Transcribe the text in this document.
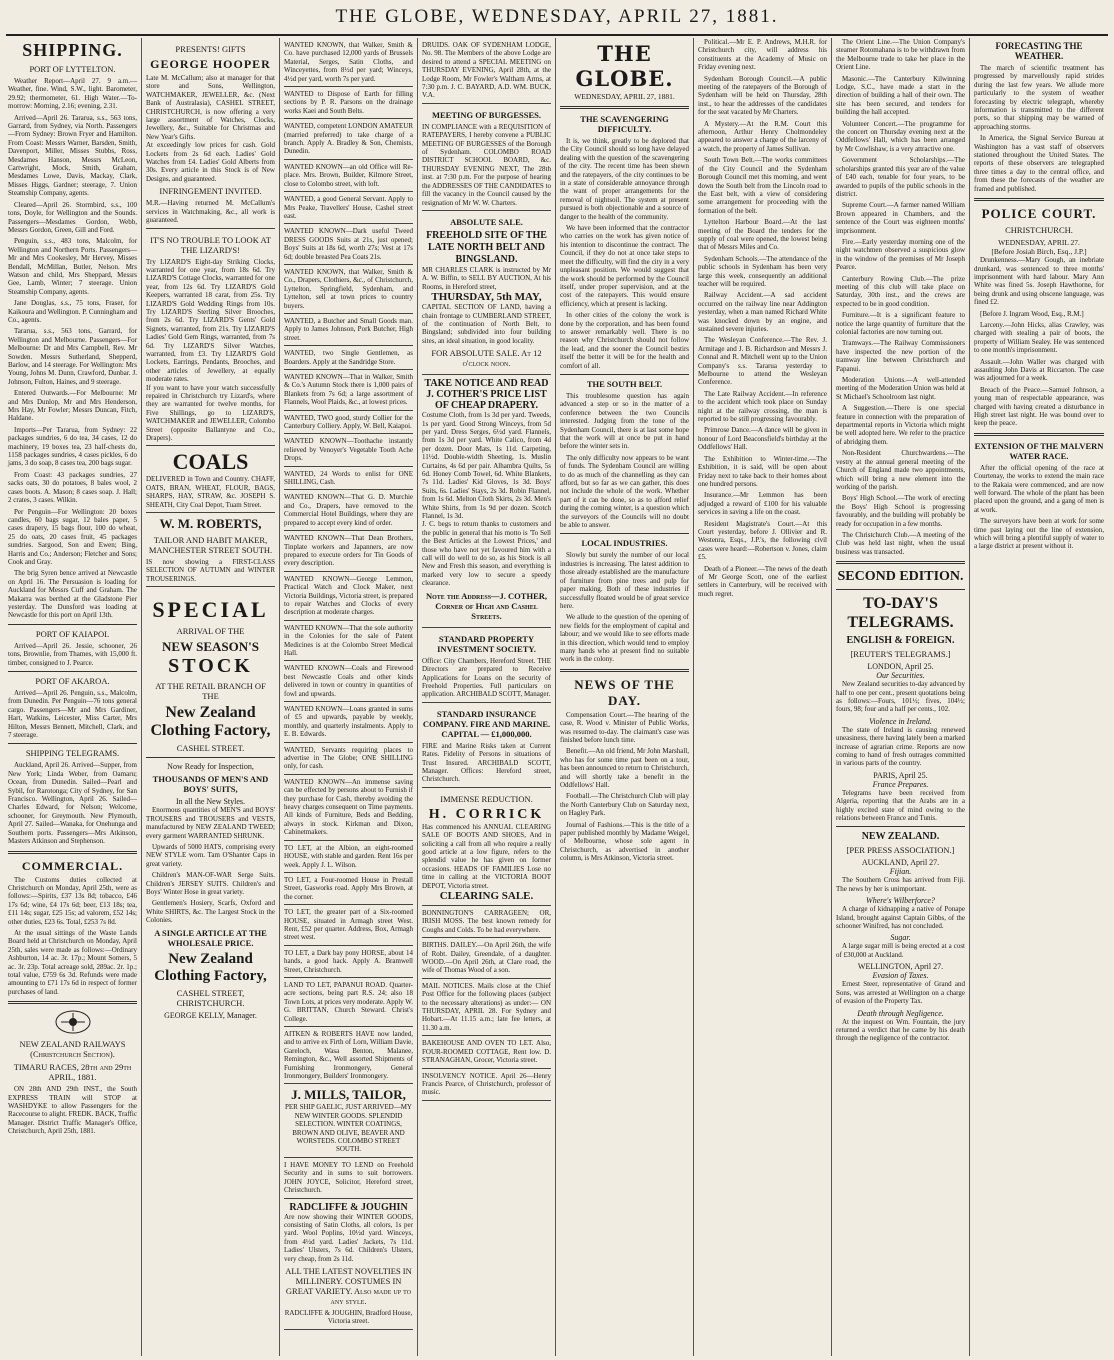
THE GLOBE, WEDNESDAY, APRIL 27, 1881.
SHIPPING.
PORT OF LYTTELTON.

Weather Report—April 27. 9 a.m.—Weather, fine. Wind, S.W., light. Barometer, 29.92; thermometer, 61. High Water.—To-morrow: Morning, 2.16; evening, 2.31.

Arrived—April 26. Tararua, s.s., 563 tons, Garrard, from Sydney, via North. Passengers—From Sydney: Brown Fryer and Hamilton. From Coast: Messrs Warner, Barsden, Smith, Davenport, Miller, Misses Stubbs, Ross, Mesdames Hanson, Messrs McLeon, Cartwright, Mock, Smith, Graham, Mesdames Lowe, Davis, Mackay, Clark, Misses Higgs, Gardner; steerage, 7. Union Steamship Company, agents.

Cleared—April 26. Stormbird, s.s., 100 tons, Doyle, for Wellington and the Sounds. Passengers—Mesdames Gordon, Webb, Messrs Gordon, Green, Gill and Ford.

Penguin, s.s., 483 tons, Malcolm, for Wellington and Northern Ports. Passengers—Mr and Mrs Cookesley, Mr Hervey, Misses Bendall, McMillan, Butler, Nelson. Mrs Watson and child, Mrs Sheppard, Messrs Gee, Lamb, Winter; 7 steerage. Union Steamship Company, agents.

Jane Douglas, s.s., 75 tons, Fraser, for Kaikoura and Wellington. P. Cunningham and Co., agents.

Tararua, s.s., 563 tons, Garrard, for Wellington and Melbourne. Passengers—For Melbourne: Dr and Mrs Campbell, Rev. Mr Sowden. Messrs Sutherland, Shepperd, Barlow, and 14 steerage. For Wellington: Mrs Young, Johns M. Dunn, Crawford, Dunbar. J. Johnson, Fulton, Haines, and 9 steerage.

Entered Outwards.—For Melbourne: Mr and Mrs Dunlop, Mr and Mrs Henderson, Mrs Hay, Mr Fowler; Messrs Duncan, Fitch, Haldane.

Imports—Per Tararua, from Sydney: 22 packages sundries, 6 do tea, 34 cases, 12 do machinery, 19 boxes tea, 23 half-chests do, 1158 packages sundries, 4 cases pickles, 6 do jams, 3 do soap, 8 cases tea, 200 bags sugar.

From Coast: 43 packages sundries, 27 sacks oats, 30 do potatoes, 8 bales wool, 2 cases boots. A. Mason; 8 cases soap. J. Hall; 2 crates, 3 cases. Wilkin.

Per Penguin—For Wellington: 20 boxes candles, 60 bags sugar, 12 bales paper, 5 cases drapery, 15 bags flour, 100 do wheat, 25 do oats, 20 cases fruit, 45 packages sundries. Sargood, Son and Ewen; Bing, Harris and Co.; Anderson; Fletcher and Sons; Cook and Gray.

The brig Syren bence arrived at Newcastle on April 16. The Persuasion is loading for Auckland for Messrs Cuff and Graham. The Makarra was berthed at the Gladstone Pier yesterday. The Dunsford was loading at Newcastle for this port on April 13th.

PORT OF KAIAPOI.

Arrived—April 26. Jessie, schooner, 26 tons, Brownlie, from Thames, with 15,000 ft. timber, consigned to J. Pearce.

PORT OF AKAROA.

Arrived—April 26. Penguin, s.s., Malcolm, from Dunedin. Per Penguin—76 tons general cargo. Passengers—Mr and Mrs Gardiner, Hart, Watkins, Leicester, Miss Carter, Mrs Hilton, Messrs Bennett, Mitchell, Clark, and 7 steerage.

SHIPPING TELEGRAMS.

Auckland, April 26. Arrived—Supper, from New York; Linda Weber, from Oamaru; Ocean, from Dunedin. Sailed—Pearl and Sybil, for Rarotonga; City of Sydney, for San Francisco. Wellington, April 26. Sailed—Charles Edward, for Nelson; Welcome, schooner, for Greymouth. New Plymouth, April 27. Sailed—Wanaka, for Onehunga and Southern ports. Passengers—Mrs Atkinson, Masters Atkinson and Stephenson.

COMMERCIAL.

The Customs duties collected at Christchurch on Monday, April 25th, were as follows:—Spirits, £37 13s 8d; tobacco, £46 17s 6d; wine, £4 17s 6d; beer, £13 18s; tea, £11 14s; sugar, £25 15s; ad valorem, £52 14s; other duties, £23 6s. Total, £253 7s 8d.

At the usual sittings of the Waste Lands Board held at Christchurch on Monday, April 25th, sales were made as follows:—Ordinary Ashburton, 14 ac. 3r. 17p.; Mount Somers, 5 ac. 3r. 23p. Total acreage sold, 289ac. 2r. 1p.; total value, £759 6s 3d. Refunds were made amounting to £71 17s 6d in respect of former purchases of land.

NEW ZEALAND RAILWAYS (Christchurch Section).
TIMARU RACES, 28th and 29th APRIL, 1881.

ON 28th AND 29th INST., the South EXPRESS TRAIN will STOP at WASHDYKE to allow Passengers for the Racecourse to alight. FREDK. BACK, Traffic Manager. District Traffic Manager's Office, Christchurch, April 25th, 1881.

PRESENTS! GIFTS
GEORGE HOOPER
Late M. McCallum; also at manager for that store and Sons, Wellington, WATCHMAKER, JEWELLER, &c. (Next Bank of Australasia), CASHEL STREET, CHRISTCHURCH, is now offering a very large assortment of Watches, Clocks, Jewellery, &c., Suitable for Christmas and New Year's Gifts.
At exceedingly low prices for cash. Gold Lockets from 2s 6d each. Ladies' Gold Watches from £4. Ladies' Gold Alberts from 30s. Every article in this Stock is of New Designs, and guaranteed.
INFRINGEMENT INVITED.
M.R.—Having returned M. McCallum's services in Watchmaking, &c., all work is guaranteed.
IT'S NO TROUBLE TO LOOK AT THE LIZARD'S!
Try LIZARD'S Eight-day Striking Clocks, warranted for one year, from 18s 6d. Try LIZARD'S Cottage Clocks, warranted for one year, from 12s 6d. Try LIZARD'S Gold Keepers, warranted 18 carat, from 25s. Try LIZARD'S Gold Wedding Rings from 10s. Try LIZARD'S Sterling Silver Brooches, from 2s 6d. Try LIZARD'S Gents' Gold Signets, warranted, from 21s. Try LIZARD'S Ladies' Gold Gem Rings, warranted, from 7s 6d. Try LIZARD'S Silver Watches, warranted, from £3. Try LIZARD'S Gold Lockets, Earrings, Pendants, Brooches, and other articles of Jewellery, at equally moderate rates.
If you want to have your watch successfully repaired in Christchurch try Lizard's, where they are warranted for twelve months, for Five Shillings, go to LIZARD'S, WATCHMAKER and JEWELLER, Colombo Street (opposite Ballantyne and Co., Drapers).
COALS
DELIVERED in Town and Country. CHAFF, OATS, BRAN, WHEAT, FLOUR, BAGS, SHARPS, HAY, STRAW, &c. JOSEPH S. SHEATH, City Coal Depot, Tuam Street.
W. M. ROBERTS,
TAILOR AND HABIT MAKER, MANCHESTER STREET SOUTH.
IS now showing a FIRST-CLASS SELECTION OF AUTUMN and WINTER TROUSERINGS.
SPECIAL
ARRIVAL OF THE
NEW SEASON'S
STOCK
AT THE RETAIL BRANCH OF THE
New Zealand Clothing Factory,
CASHEL STREET.
Now Ready for Inspection,
THOUSANDS OF MEN'S AND BOYS' SUITS,
In all the New Styles.

Enormous quantities of MEN'S and BOYS' TROUSERS and TROUSERS and VESTS, manufactured by NEW ZEALAND TWEED; every garment WARRANTED SHRUNK.

Upwards of 5000 HATS, comprising every NEW STYLE worn. Tam O'Shanter Caps in great variety.

Children's MAN-OF-WAR Serge Suits. Children's JERSEY SUITS. Children's and Boys' Winter Hose in great variety.

Gentlemen's Hosiery, Scarfs, Oxford and White SHIRTS, &c. The Largest Stock in the Colonies.

A SINGLE ARTICLE AT THE WHOLESALE PRICE.
New Zealand Clothing Factory,
CASHEL STREET, CHRISTCHURCH.
GEORGE KELLY, Manager.
WANTED KNOWN, that Walker, Smith & Co. have purchased 12,000 yards of Brussels Material, Serges, Satin Cloths, and Winceyettes, from 8½d per yard; Winceys, 4½d per yard, worth 7s per yard.
WANTED to Dispose of Earth for filling sections by P. R. Parsons on the drainage works Kaei and South Belts.
WANTED, competent LONDON AMATEUR (married preferred) to take charge of a branch. Apply A. Bradley & Son, Chemists, Dunedin.
WANTED KNOWN—an old Office will Re-place. Mrs. Brown, Builder, Kilmore Street, close to Colombo street, with loft.
WANTED, a good General Servant. Apply to Mrs Peake, Travellers' House, Cashel street east.
WANTED KNOWN—Dark useful Tweed DRESS GOODS Suits at 21s, just opened; Boys' Suits at 18s 6d, worth 27s; Vest at 17s 6d; double breasted Pea Coats 21s.
WANTED KNOWN, that Walker, Smith & Co., Drapers, Clothiers, &c., of Christchurch, Lyttelton, Springfield, Sydenham, and Lyttelton, sell at town prices to country buyers.
WANTED, a Butcher and Small Goods man. Apply to James Johnson, Pork Butcher, High street.
WANTED, two Single Gentlemen, as Boarders. Apply at the Sandridge Store.
WANTED KNOWN—That in Walker, Smith & Co.'s Autumn Stock there is 1,000 pairs of Blankets from 7s 6d; a large assortment of Flannels, Wool Plaids, &c., at lowest prices.
WANTED, TWO good, sturdy Collier for the Canterbury Colliery. Apply, W. Bell, Kaiapoi.
WANTED KNOWN—Toothache instantly relieved by Venoyer's Vegetable Tooth Ache Drops.
WANTED, 24 Words to enlist for ONE SHILLING, Cash.
WANTED KNOWN—That G. D. Murchie and Co., Drapers, have removed to the Commercial Hotel Buildings, where they are prepared to accept every kind of order.
WANTED KNOWN—That Dean Brothers, Tinplate workers and Japanners, are now prepared to execute orders for Tin Goods of every description.
WANTED KNOWN—George Lemmon, Practical Watch and Clock Maker, next Victoria Buildings, Victoria street, is prepared to repair Watches and Clocks of every description at moderate charges.
WANTED KNOWN—That the sole authority in the Colonies for the sale of Patent Medicines is at the Colombo Street Medical Hall.
WANTED KNOWN—Coals and Firewood best Newcastle Coals and other kinds delivered in town or country in quantities of fowl and upwards.
WANTED KNOWN—Loans granted in sums of £5 and upwards, payable by weekly, monthly, and quarterly instalments. Apply to E. B. Edwards.
WANTED, Servants requiring places to advertise in The Globe; ONE SHILLING only, for cash.
WANTED KNOWN—An immense saving can be effected by persons about to Furnish if they purchase for Cash, thereby avoiding the heavy charges consequent on Time payments. All kinds of Furniture, Beds and Bedding, always in stock. Kirkman and Dixon, Cabinetmakers.
TO LET, at the Albion, an eight-roomed HOUSE, with stable and garden. Rent 16s per week. Apply J. L. Wilson.
TO LET, a Four-roomed House in Prestall Street, Gasworks road. Apply Mrs Brown, at the corner.
TO LET, the greater part of a Six-roomed HOUSE, situated in Armagh street West. Rent, £52 per quarter. Address, Box, Armagh street west.
TO LET, a Dark bay pony HORSE, about 14 hands, a good hack. Apply A. Bramwell Street, Christchurch.
LAND TO LET, PAPANUI ROAD. Quarter-acre sections, being part R.S. 24; also 18 Town Lots, at prices very moderate. Apply W. G. BRITTAN, Church Steward. Christ's College.
AITKEN & ROBERTS HAVE now landed, and to arrive ex Firth of Lorn, William Davie, Gareloch, Wasa Benton, Malanee, Remington, &c., Well assorted Shipments of Furnishing Ironmongery, General Ironmongery, Builders' Ironmongery.
J. MILLS, TAILOR,
PER SHIP GAELIC, JUST ARRIVED—MY NEW WINTER GOODS. SPLENDID SELECTION. WINTER COATINGS, BROWN AND OLIVE, BEAVER AND WORSTEDS. COLOMBO STREET SOUTH.
I HAVE MONEY TO LEND on Freehold Security and in sums to suit borrowers. JOHN JOYCE, Solicitor, Hereford street, Christchurch.
RADCLIFFE & JOUGHIN
Are now showing their WINTER GOODS, consisting of Satin Cloths, all colors, 1s per yard. Wool Poplins, 10½d yard. Winceys, from 4½d yard. Ladies' Jackets, 7s 11d. Ladies' Ulsters, 7s 6d. Children's Ulsters, very cheap, from 2s 11d.
ALL THE LATEST NOVELTIES IN MILLINERY. COSTUMES IN GREAT VARIETY. Also made up to any style.
RADCLIFFE & JOUGHIN, Bradford House, Victoria street.
DRUIDS. OAK OF SYDENHAM LODGE, No. 98. The Members of the above Lodge are desired to attend a SPECIAL MEETING on THURSDAY EVENING, April 28th, at the Lodge Room, Mr Fowler's Waltham Arms, at 7:30 p.m. J. C. BAYARD, A.D. WM. BUCK, V.A.
MEETING OF BURGESSES.
IN COMPLIANCE with a REQUISITION of RATEPAYERS, I hereby convene a PUBLIC MEETING OF BURGESSES of the Borough of Sydenham. COLOMBO ROAD DISTRICT SCHOOL BOARD, &c. THURSDAY EVENING NEXT, The 28th inst. at 7:30 p.m. For the purpose of hearing the ADDRESSES OF THE CANDIDATES to fill the vacancy in the Council caused by the resignation of Mr W. W. Charters.
ABSOLUTE SALE.
FREEHOLD SITE OF THE LATE NORTH BELT AND BINGSLAND.
MR CHARLES CLARK is instructed by Mr A. W. Biffin, to SELL BY AUCTION, At his Rooms, in Hereford street,
THURSDAY, 5th MAY,
CAPITAL SECTION OF LAND, having a chain frontage to CUMBERLAND STREET, of the continuation of North Belt, to Bingsland; subdivided into four building sites, an ideal situation, in good locality.
FOR ABSOLUTE SALE. At 12 o'clock noon.
TAKE NOTICE AND READ J. COTHER'S PRICE LIST OF CHEAP DRAPERY.
Costume Cloth, from 1s 3d per yard. Tweeds, 1s per yard. Good Strong Winceys, from 5d per yard. Dress Serges, 6½d yard. Flannels, from 1s 3d per yard. White Calico, from 4d per dozen. Door Mats, 1s 11d. Carpeting, 11½d. Double-width Sheeting, 1s. Muslin Curtains, 4s 6d per pair. Alhambra Quilts, 5s 6d. Honey Comb Towel, 6d. White Blankets, 7s 11d. Ladies' Kid Gloves, 1s 3d. Boys' Suits, 6s. Ladies' Stays, 2s 3d. Robin Flannel, from 1s 6d. Melton Cloth Skirts, 2s 3d. Men's White Shirts, from 1s 9d per dozen. Scotch Flannel, 1s 3d.
J. C. begs to return thanks to customers and the public in general that his motto is 'To Sell the Best Articles at the Lowest Prices,' and those who have not yet favoured him with a call will do well to do so, as his Stock is all New and Fresh this season, and everything is marked very low to secure a speedy clearance.
Note the Address—J. COTHER, Corner of High and Cashel Streets.
STANDARD PROPERTY INVESTMENT SOCIETY.
Office: City Chambers, Hereford Street. THE Directors are prepared to Receive Applications for Loans on the security of Freehold Properties. Full particulars on application. ARCHIBALD SCOTT, Manager.
STANDARD INSURANCE COMPANY. FIRE AND MARINE. CAPITAL — £1,000,000.
FIRE and Marine Risks taken at Current Rates. Fidelity of Persons in situations of Trust Insured. ARCHIBALD SCOTT, Manager. Offices: Hereford street, Christchurch.
IMMENSE REDUCTION.
H. CORRICK
Has commenced his ANNUAL CLEARING SALE OF BOOTS AND SHOES, And in soliciting a call from all who require a really good article at a low figure, refers to the splendid value he has given on former occasions. HEADS OF FAMILIES Lose no time in calling at the VICTORIA BOOT DEPOT, Victoria street.
CLEARING SALE.
BONNINGTON'S CARRAGEEN; OR, IRISH MOSS. The best known remedy for Coughs and Colds. To be had everywhere.
BIRTHS. DAILEY.—On April 26th, the wife of Robt. Dailey, Greendale, of a daughter. WOOD.—On April 26th, at Clare road, the wife of Thomas Wood of a son.
MAIL NOTICES. Mails close at the Chief Post Office for the following places (subject to the necessary alterations) as under:— ON THURSDAY, APRIL 28. For Sydney and Hobart.—At 11.15 a.m.; late fee letters, at 11.30 a.m.
BAKEHOUSE AND OVEN TO LET. Also, FOUR-ROOMED COTTAGE, Rent low. D. STRANAGHAN, Grocer, Victoria street.
INSOLVENCY NOTICE. April 26—Henry Francis Pearce, of Christchurch, professor of music.
THE GLOBE.
WEDNESDAY, APRIL 27, 1881.
THE SCAVENGERING DIFFICULTY.

It is, we think, greatly to be deplored that the City Council should so long have delayed dealing with the question of the scavengering of the city. The recent time has been shewn and the ratepayers, of the city continues to be in a state of considerable annoyance through the want of proper arrangements for the removal of nightsoil. The system at present pursued is both objectionable and a source of danger to the health of the community.

We have been informed that the contractor who carries on the work has given notice of his intention to discontinue the contract. The Council, if they do not at once take steps to meet the difficulty, will find the city in a very unpleasant position. We would suggest that the work should be performed by the Council itself, under proper supervision, and at the cost of the ratepayers. This would ensure efficiency, which at present is lacking.

In other cities of the colony the work is done by the corporation, and has been found to answer remarkably well. There is no reason why Christchurch should not follow the lead, and the sooner the Council bestirs itself the better it will be for the health and comfort of all.

THE SOUTH BELT.

This troublesome question has again advanced a step or so in the matter of a conference between the two Councils interested. Judging from the tone of the Sydenham Council, there is at last some hope that the work will at once be put in hand before the winter sets in.

The only difficulty now appears to be want of funds. The Sydenham Council are willing to do as much of the channelling as they can afford, but so far as we can gather, this does not include the whole of the work. Whether part of it can be done, so as to afford relief during the coming winter, is a question which the surveyors of the Councils will no doubt be able to answer.

LOCAL INDUSTRIES.

Slowly but surely the number of our local industries is increasing. The latest addition to those already established are the manufacture of furniture from pine trees and pulp for paper making. Both of these industries if successfully floated would be of great service here.

We allude to the question of the opening of new fields for the employment of capital and labour; and we would like to see efforts made in this direction, which would tend to employ many hands who at present find no suitable work in the colony.

NEWS OF THE DAY.

Compensation Court.—The hearing of the case, R. Wood v. Minister of Public Works, was resumed to-day. The claimant's case was finished before lunch time.

Benefit.—An old friend, Mr John Marshall, who has for some time past been on a tour, has been announced to return to Christchurch, and will shortly take a benefit in the Oddfellows' Hall.

Football.—The Christchurch Club will play the North Canterbury Club on Saturday next, on Hagley Park.

Journal of Fashions.—This is the title of a paper published monthly by Madame Weigel, of Melbourne, whose sole agent in Christchurch, as advertised in another column, is Mrs Atkinson, Victoria street.

Political.—Mr E. P. Andrews, M.H.R. for Christchurch city, will address his constituents at the Academy of Music on Friday evening next.

Sydenham Borough Council.—A public meeting of the ratepayers of the Borough of Sydenham will be held on Thursday, 28th inst., to hear the addresses of the candidates for the seat vacated by Mr Charters.

A Mystery.—At the R.M. Court this afternoon, Arthur Henry Cholmondeley appeared to answer a charge of the larceny of a watch, the property of James Sullivan.

South Town Belt.—The works committees of the City Council and the Sydenham Borough Council met this morning, and went down the South belt from the Lincoln road to the East belt, with a view of considering some arrangement for proceeding with the formation of the belt.

Lyttelton Harbour Board.—At the last meeting of the Board the tenders for the supply of coal were opened, the lowest being that of Messrs Miles and Co.

Sydenham Schools.—The attendance of the public schools in Sydenham has been very large this week, consequently an additional teacher will be required.

Railway Accident.—A sad accident occurred on the railway line near Addington yesterday, when a man named Richard White was knocked down by an engine, and sustained severe injuries.

The Wesleyan Conference.—The Rev. J. Armitage and J. B. Richardson and Messrs J. Connal and R. Mitchell went up to the Union Company's s.s. Tararua yesterday to Melbourne to attend the Wesleyan Conference.

The Late Railway Accident.—In reference to the accident which took place on Sunday night at the railway crossing, the man is reported to be still progressing favourably.

Primrose Dance.—A dance will be given in honour of Lord Beaconsfield's birthday at the Oddfellows' Hall.

The Exhibition to Winter-time.—The Exhibition, it is said, will be open about Friday next to take back to their homes about one hundred persons.

Insurance.—Mr Lemmon has been adjudged a reward of £100 for his valuable services in saving a life on the coast.

Resident Magistrate's Court.—At this Court yesterday, before J. Ollivier and R. Westenra, Esqs., J.P.'s, the following civil cases were heard:—Robertson v. Jones, claim £5.

Death of a Pioneer.—The news of the death of Mr George Scott, one of the earliest settlers in Canterbury, will be received with much regret.

The Orient Line.—The Union Company's steamer Rotomahana is to be withdrawn from the Melbourne trade to take her place in the Orient Line.

Masonic.—The Canterbury Kilwinning Lodge, S.C., have made a start in the direction of building a hall of their own. The site has been secured, and tenders for building the hall accepted.

Volunteer Concert.—The programme for the concert on Thursday evening next at the Oddfellows' Hall, which has been arranged by Mr Cowlishaw, is a very attractive one.

Government Scholarships.—The scholarships granted this year are of the value of £40 each, tenable for four years, to be awarded to pupils of the public schools in the district.

Supreme Court.—A farmer named William Brown appeared in Chambers, and the sentence of the Court was eighteen months' imprisonment.

Fire.—Early yesterday morning one of the night watchmen observed a suspicious glow in the window of the premises of Mr Joseph Pearce.

Canterbury Rowing Club.—The prize meeting of this club will take place on Saturday, 30th inst., and the crews are expected to be in good condition.

Furniture.—It is a significant feature to notice the large quantity of furniture that the colonial factories are now turning out.

Tramways.—The Railway Commissioners have inspected the new portion of the tramway line between Christchurch and Papanui.

Moderation Unions.—A well-attended meeting of the Moderation Union was held at St Michael's Schoolroom last night.

A Suggestion.—There is one special feature in connection with the preparation of departmental reports in Victoria which might be well adopted here. We refer to the practice of abridging them.

Non-Resident Churchwardens.—The vestry at the annual general meeting of the Church of England made two appointments, which will bring a new element into the working of the parish.

Boys' High School.—The work of erecting the Boys' High School is progressing favourably, and the building will probably be ready for occupation in a few months.

The Christchurch Club.—A meeting of the Club was held last night, when the usual business was transacted.

SECOND EDITION.
TO-DAY'S TELEGRAMS.
ENGLISH & FOREIGN.
[REUTER'S TELEGRAMS.]
LONDON, April 25.
Our Securities.

New Zealand securities to-day advanced by half to one per cent., present quotations being as follows:—Fours, 101½; fives, 104½; fours, 98; four and a half per cents., 102.

Violence in Ireland.

The state of Ireland is causing renewed uneasiness, there having lately been a marked increase of agrarian crime. Reports are now coming to hand of fresh outrages committed in various parts of the country.

PARIS, April 25.
France Prepares.

Telegrams have been received from Algeria, reporting that the Arabs are in a highly excited state of mind owing to the relations between France and Tunis.

NEW ZEALAND.
[PER PRESS ASSOCIATION.]
AUCKLAND, April 27.
Fijian.

The Southern Cross has arrived from Fiji. The news by her is unimportant.

Where's Wilberforce?

A charge of kidnapping a native of Ponape Island, brought against Captain Gibbs, of the schooner Winifred, has not concluded.

Sugar.

A large sugar mill is being erected at a cost of £30,000 at Auckland.

WELLINGTON, April 27.
Evasion of Taxes.

Ernest Steer, representative of Grand and Sons, was arrested at Wellington on a charge of evasion of the Property Tax.

Death through Negligence.

At the inquest on Wm. Fountain, the jury returned a verdict that he came by his death through the negligence of the contractor.

FORECASTING THE WEATHER.

The march of scientific treatment has progressed by marvellously rapid strides during the last few years. We allude more particularly to the system of weather forecasting by electric telegraph, whereby information is transmitted to the different ports, so that shipping may be warned of approaching storms.

In America, the Signal Service Bureau at Washington has a vast staff of observers stationed throughout the United States. The reports of these observers are telegraphed three times a day to the central office, and from these the forecasts of the weather are framed and published.

POLICE COURT.
CHRISTCHURCH.
WEDNESDAY, APRIL 27.
[Before Josiah Birch, Esq., J.P.]

Drunkenness.—Mary Gough, an inebriate drunkard, was sentenced to three months' imprisonment with hard labour. Mary Ann White was fined 5s. Joseph Hawthorne, for being drunk and using obscene language, was fined £2.

[Before J. Ingram Wood, Esq., R.M.]

Larceny.—John Hicks, alias Crawley, was charged with stealing a pair of boots, the property of William Sealey. He was sentenced to one month's imprisonment.

Assault.—John Waller was charged with assaulting John Davis at Riccarton. The case was adjourned for a week.

Breach of the Peace.—Samuel Johnson, a young man of respectable appearance, was charged with having created a disturbance in High street last night. He was bound over to keep the peace.

EXTENSION OF THE MALVERN WATER RACE.

After the official opening of the race at Courtenay, the works to extend the main race to the Rakaia were commenced, and are now well forward. The whole of the plant has been placed upon the ground, and a gang of men is at work.

The surveyors have been at work for some time past laying out the line of extension, which will bring a plentiful supply of water to a large district at present without it.
